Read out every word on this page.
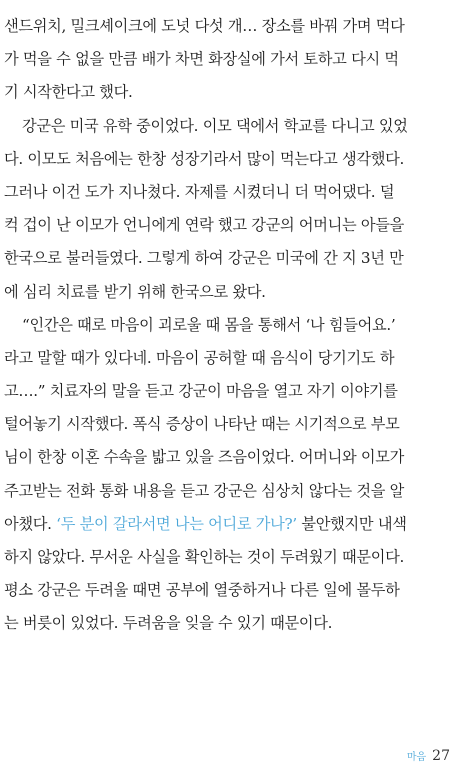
샌드위치, 밀크셰이크에 도넛 다섯 개… 장소를 바꿔 가며 먹다
가 먹을 수 없을 만큼 배가 차면 화장실에 가서 토하고 다시 먹
기 시작한다고 했다.
강군은 미국 유학 중이었다. 이모 댁에서 학교를 다니고 있었
다. 이모도 처음에는 한창 성장기라서 많이 먹는다고 생각했다.
그러나 이건 도가 지나쳤다. 자제를 시켰더니 더 먹어댔다. 덜
컥 겁이 난 이모가 언니에게 연락 했고 강군의 어머니는 아들을
한국으로 불러들였다. 그렇게 하여 강군은 미국에 간 지 3년 만
에 심리 치료를 받기 위해 한국으로 왔다.
“인간은 때로 마음이 괴로울 때 몸을 통해서 ‘나 힘들어요.’
라고 말할 때가 있다네. 마음이 공허할 때 음식이 당기기도 하
고….” 치료자의 말을 듣고 강군이 마음을 열고 자기 이야기를
털어놓기 시작했다. 폭식 증상이 나타난 때는 시기적으로 부모
님이 한창 이혼 수속을 밟고 있을 즈음이었다. 어머니와 이모가
주고받는 전화 통화 내용을 듣고 강군은 심상치 않다는 것을 알
아챘다. ‘두 분이 갈라서면 나는 어디로 가나?’ 불안했지만 내색
하지 않았다. 무서운 사실을 확인하는 것이 두려웠기 때문이다.
평소 강군은 두려울 때면 공부에 열중하거나 다른 일에 몰두하
는 버릇이 있었다. 두려움을 잊을 수 있기 때문이다.
마음 27
